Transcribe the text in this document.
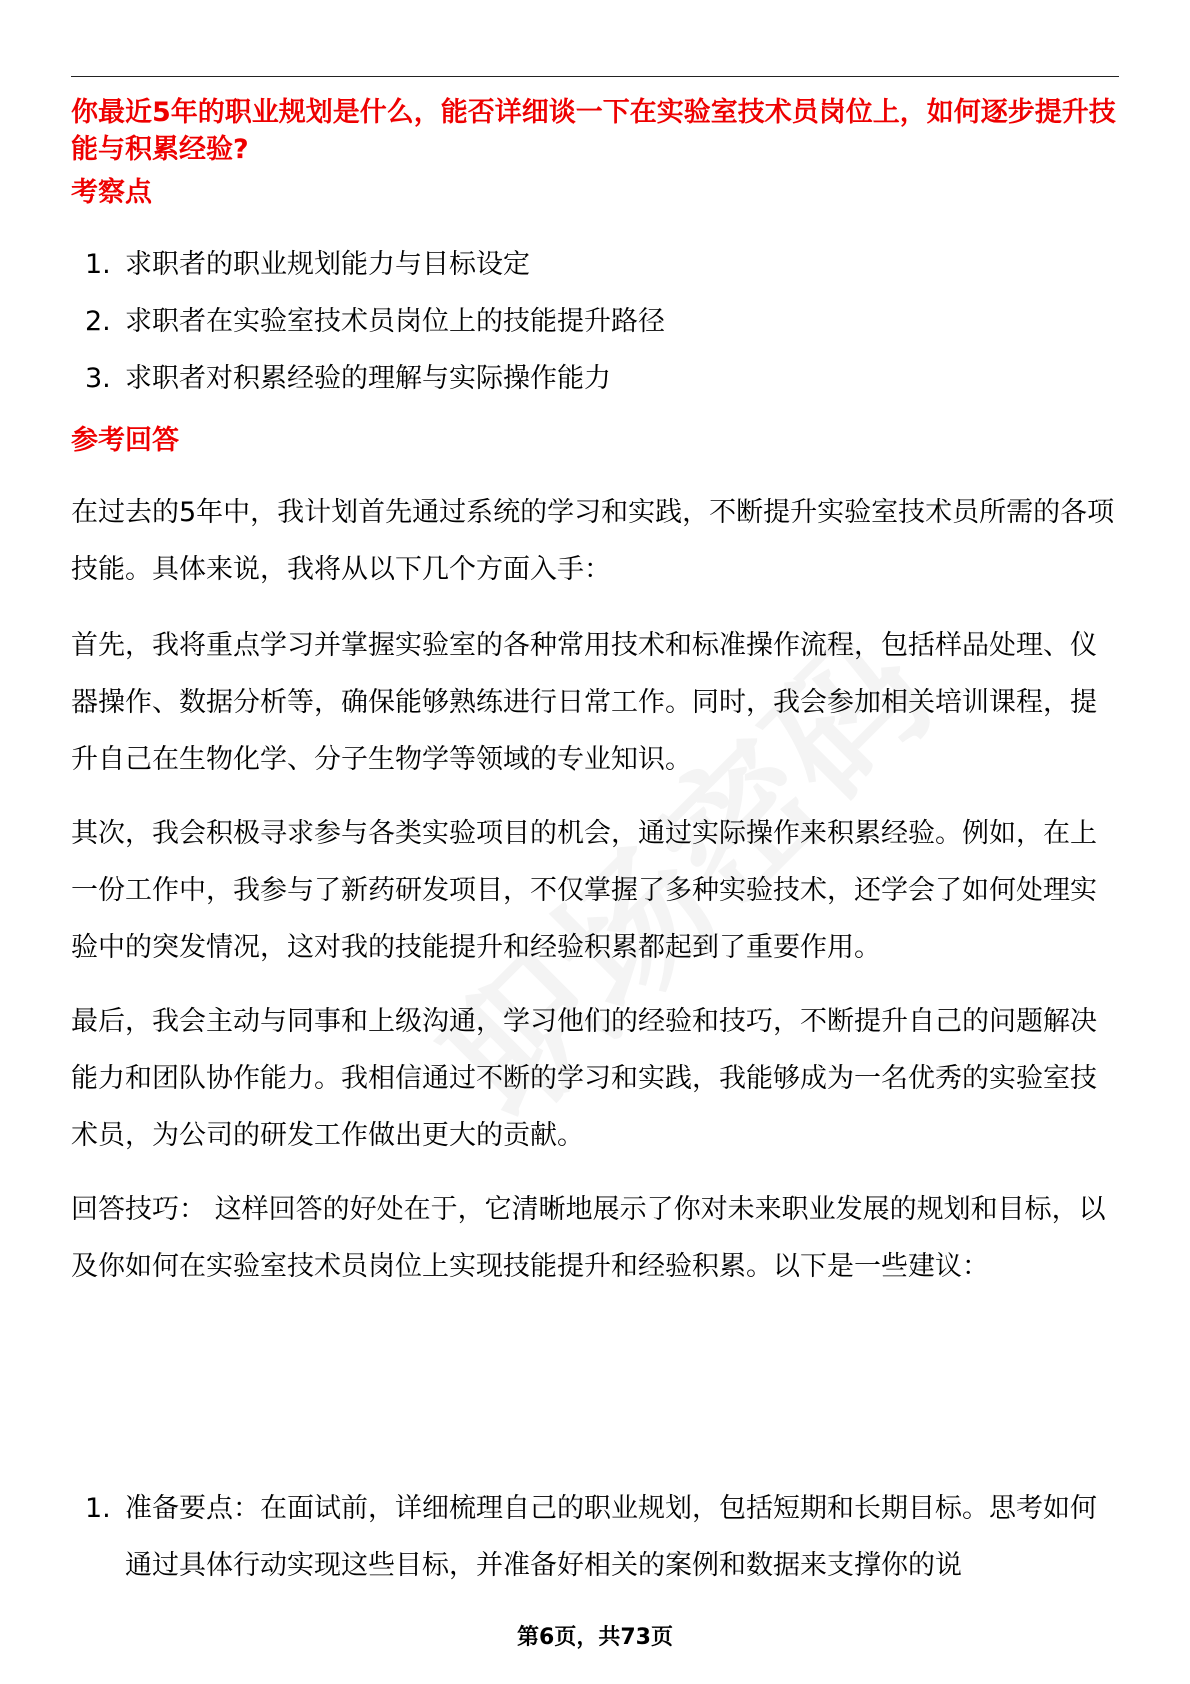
你最近5年的职业规划是什么，能否详细谈一下在实验室技术员岗位上，如何逐步提升技能与积累经验?
考察点
1. 求职者的职业规划能力与目标设定
2. 求职者在实验室技术员岗位上的技能提升路径
3. 求职者对积累经验的理解与实际操作能力
参考回答

在过去的5年中，我计划首先通过系统的学习和实践，不断提升实验室技术员所需的各项技能。具体来说，我将从以下几个方面入手：

首先，我将重点学习并掌握实验室的各种常用技术和标准操作流程，包括样品处理、仪器操作、数据分析等，确保能够熟练进行日常工作。同时，我会参加相关培训课程，提升自己在生物化学、分子生物学等领域的专业知识。

其次，我会积极寻求参与各类实验项目的机会，通过实际操作来积累经验。例如，在上一份工作中，我参与了新药研发项目，不仅掌握了多种实验技术，还学会了如何处理实验中的突发情况，这对我的技能提升和经验积累都起到了重要作用。

最后，我会主动与同事和上级沟通，学习他们的经验和技巧，不断提升自己的问题解决能力和团队协作能力。我相信通过不断的学习和实践，我能够成为一名优秀的实验室技术员，为公司的研发工作做出更大的贡献。

回答技巧： 这样回答的好处在于，它清晰地展示了你对未来职业发展的规划和目标，以及你如何在实验室技术员岗位上实现技能提升和经验积累。以下是一些建议：

1. 准备要点：在面试前，详细梳理自己的职业规划，包括短期和长期目标。思考如何通过具体行动实现这些目标，并准备好相关的案例和数据来支撑你的说
第6页，共73页
